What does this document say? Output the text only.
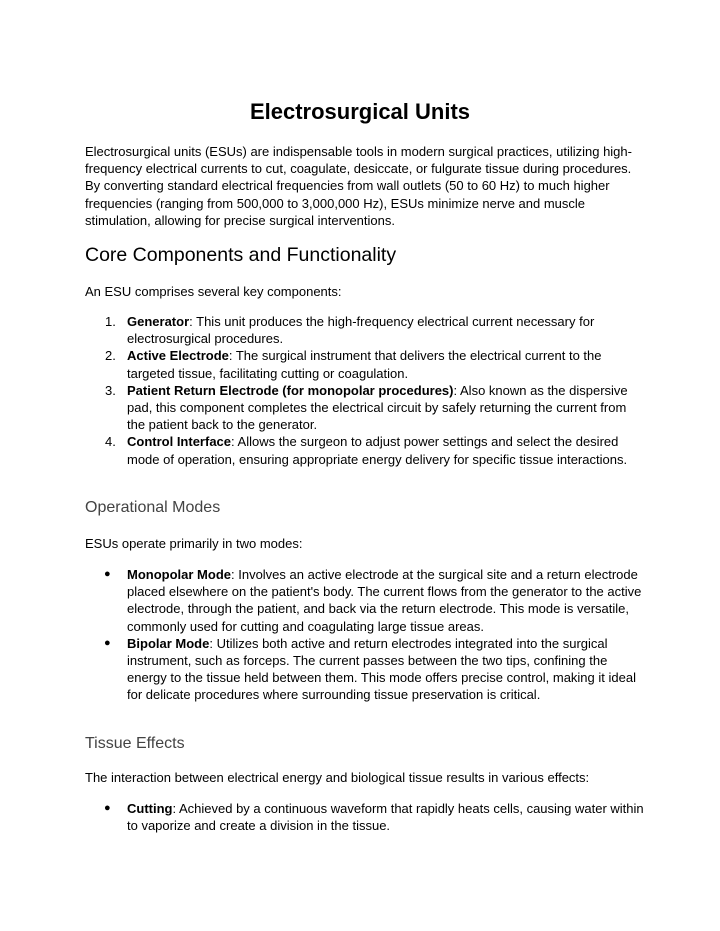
Electrosurgical Units

Electrosurgical units (ESUs) are indispensable tools in modern surgical practices, utilizing high-frequency electrical currents to cut, coagulate, desiccate, or fulgurate tissue during procedures. By converting standard electrical frequencies from wall outlets (50 to 60 Hz) to much higher frequencies (ranging from 500,000 to 3,000,000 Hz), ESUs minimize nerve and muscle stimulation, allowing for precise surgical interventions.

Core Components and Functionality

An ESU comprises several key components:

1. Generator: This unit produces the high-frequency electrical current necessary for electrosurgical procedures.
2. Active Electrode: The surgical instrument that delivers the electrical current to the targeted tissue, facilitating cutting or coagulation.
3. Patient Return Electrode (for monopolar procedures): Also known as the dispersive pad, this component completes the electrical circuit by safely returning the current from the patient back to the generator.
4. Control Interface: Allows the surgeon to adjust power settings and select the desired mode of operation, ensuring appropriate energy delivery for specific tissue interactions.
Operational Modes

ESUs operate primarily in two modes:

●	Monopolar Mode: Involves an active electrode at the surgical site and a return electrode placed elsewhere on the patient's body. The current flows from the generator to the active electrode, through the patient, and back via the return electrode. This mode is versatile, commonly used for cutting and coagulating large tissue areas.
●	Bipolar Mode: Utilizes both active and return electrodes integrated into the surgical instrument, such as forceps. The current passes between the two tips, confining the energy to the tissue held between them. This mode offers precise control, making it ideal for delicate procedures where surrounding tissue preservation is critical.
Tissue Effects

The interaction between electrical energy and biological tissue results in various effects:

●	Cutting: Achieved by a continuous waveform that rapidly heats cells, causing water within to vaporize and create a division in the tissue.
